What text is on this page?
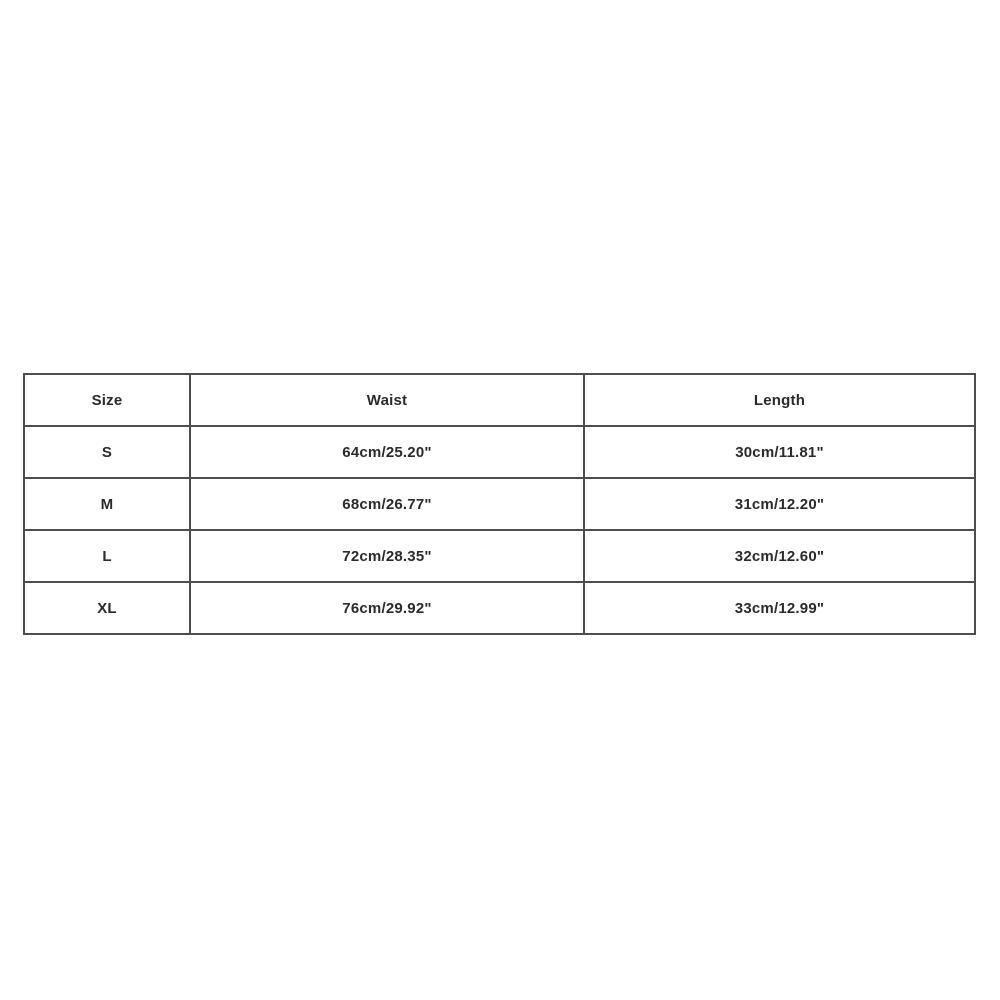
Size	Waist	Length
S	64cm/25.20"	30cm/11.81"
M	68cm/26.77"	31cm/12.20"
L	72cm/28.35"	32cm/12.60"
XL	76cm/29.92"	33cm/12.99"
